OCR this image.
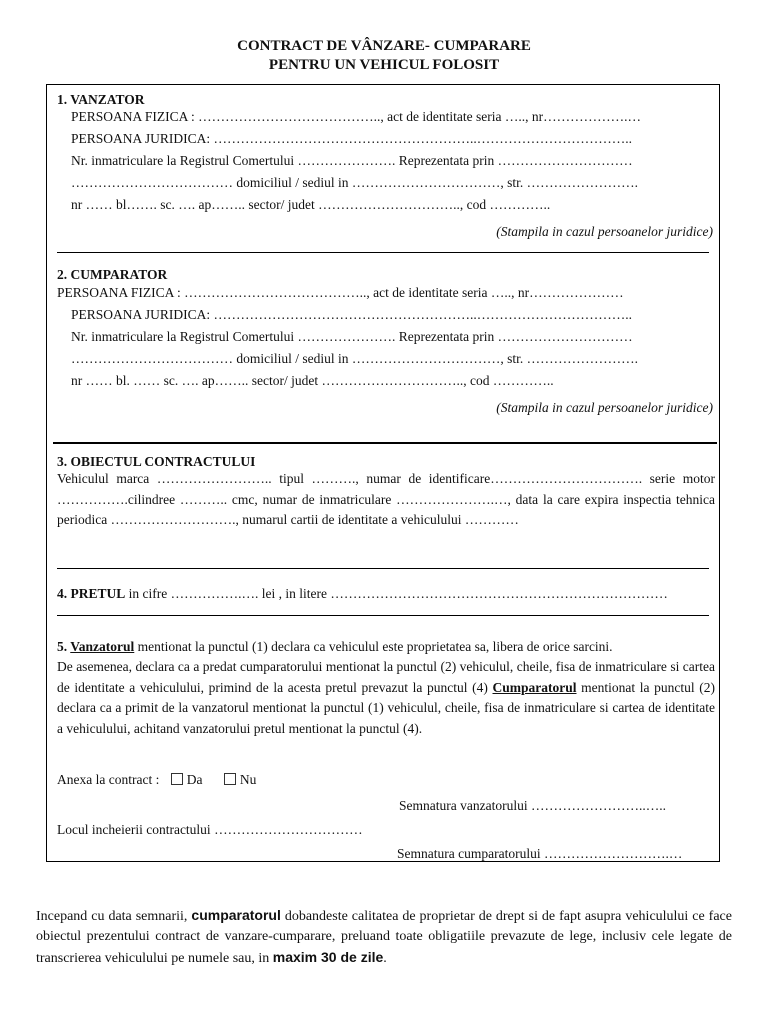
CONTRACT DE VÂNZARE- CUMPARARE
PENTRU UN VEHICUL FOLOSIT
1. VANZATOR
PERSOANA FIZICA : ………………………………….., act de identitate seria ….., nr……………….…
PERSOANA JURIDICA: …………………………………………………..……………………………..
Nr. inmatriculare la Registrul Comertului …………………. Reprezentata prin …………………………
……………………………… domiciliul / sediul in ……………………………, str. …………………….
nr …… bl……. sc. …. ap…….. sector/ judet ………………………….., cod …………..
(Stampila in cazul persoanelor juridice)
2. CUMPARATOR
PERSOANA FIZICA : ………………………………….., act de identitate seria ….., nr…………………
PERSOANA JURIDICA: …………………………………………………..……………………………..
Nr. inmatriculare la Registrul Comertului …………………. Reprezentata prin …………………………
……………………………… domiciliul / sediul in ……………………………, str. …………………….
nr …… bl. …… sc. …. ap…….. sector/ judet ………………………….., cod …………..
(Stampila in cazul persoanelor juridice)
3. OBIECTUL CONTRACTULUI
Vehiculul marca …………………….. tipul ………., numar de identificare……………………………. serie motor …………….cilindree ……….. cmc, numar de inmatriculare ………………….…, data la care expira inspectia tehnica periodica ………………………., numarul cartii de identitate a vehiculului …………
4. PRETUL in cifre …………….…. lei , in litere …………………………………………………………………
5. Vanzatorul mentionat la punctul (1) declara ca vehiculul este proprietatea sa, libera de orice sarcini.
De asemenea, declara ca a predat cumparatorului mentionat la punctul (2) vehiculul, cheile, fisa de inmatriculare si cartea de identitate a vehiculului, primind de la acesta pretul prevazut la punctul (4) Cumparatorul mentionat la punctul (2) declara ca a primit de la vanzatorul mentionat la punctul (1) vehiculul, cheile, fisa de inmatriculare si cartea de identitate a vehiculului, achitand vanzatorului pretul mentionat la punctul (4).
Anexa la contract : Da	Nu
Semnatura vanzatorului ……………………..…..
Locul incheierii contractului ……………………………
Semnatura cumparatorului ……………………….…
Incepand cu data semnarii, cumparatorul dobandeste calitatea de proprietar de drept si de fapt asupra vehiculului ce face obiectul prezentului contract de vanzare-cumparare, preluand toate obligatiile prevazute de lege, inclusiv cele legate de transcrierea vehiculului pe numele sau, in maxim 30 de zile.
